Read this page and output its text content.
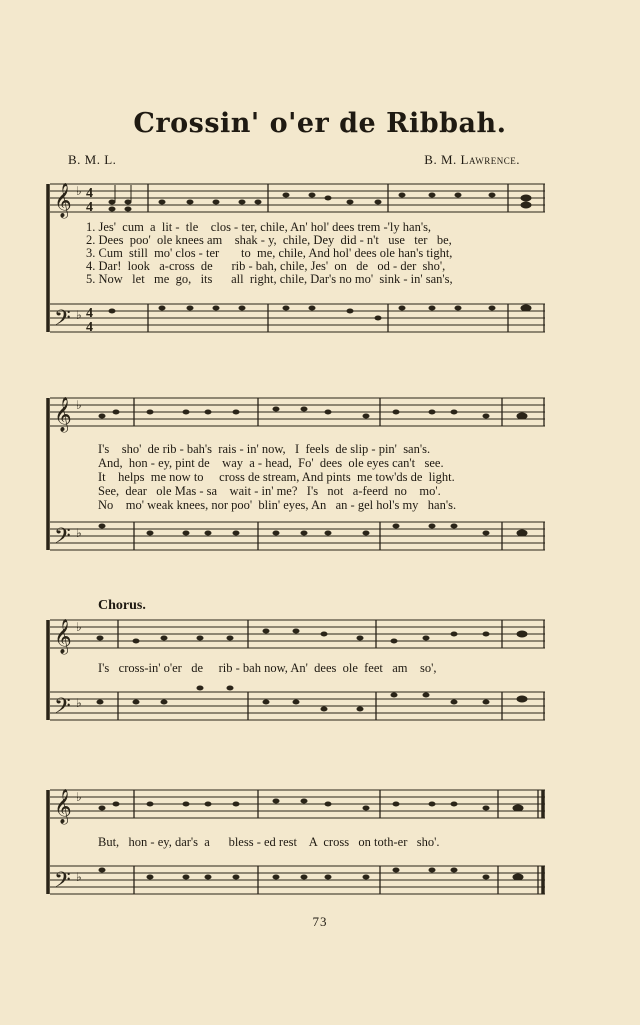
Crossin' o'er de Ribbah.
B. M. L.	B. M. Lawrence.
𝄞 ♭ 4
4
𝄢 ♭ 4
4
1. Jes'  cum  a  lit -  tle    clos - ter, chile, An' hol' dees trem -'ly han's,
2. Dees  poo'  ole knees am    shak - y,  chile, Dey  did - n't   use   ter   be,
3. Cum  still  mo' clos - ter       to  me, chile, And hol' dees ole han's tight,
4. Dar!  look   a-cross  de      rib - bah, chile, Jes'  on   de   od - der  sho',
5. Now   let   me  go,   its      all  right, chile, Dar's no mo'  sink - in' san's,
𝄞 ♭
𝄢 ♭
I's    sho'  de rib - bah's  rais - in' now,   I  feels  de slip - pin'  san's.
And,  hon - ey, pint de    way  a - head,  Fo'  dees  ole eyes can't   see.
It    helps  me now to     cross de stream, And pints  me tow'ds de  light.
See,  dear   ole Mas - sa    wait - in' me?   I's   not   a-feerd  no    mo'.
No    mo' weak knees, nor poo'  blin' eyes, An   an - gel hol's my   han's.
Chorus.
𝄞 ♭
𝄢 ♭
I's   cross-in' o'er   de     rib - bah now, An'  dees  ole  feet   am    so',
𝄞 ♭
𝄢 ♭
But,   hon - ey, dar's  a      bless - ed rest    A  cross   on toth-er   sho'.
73
